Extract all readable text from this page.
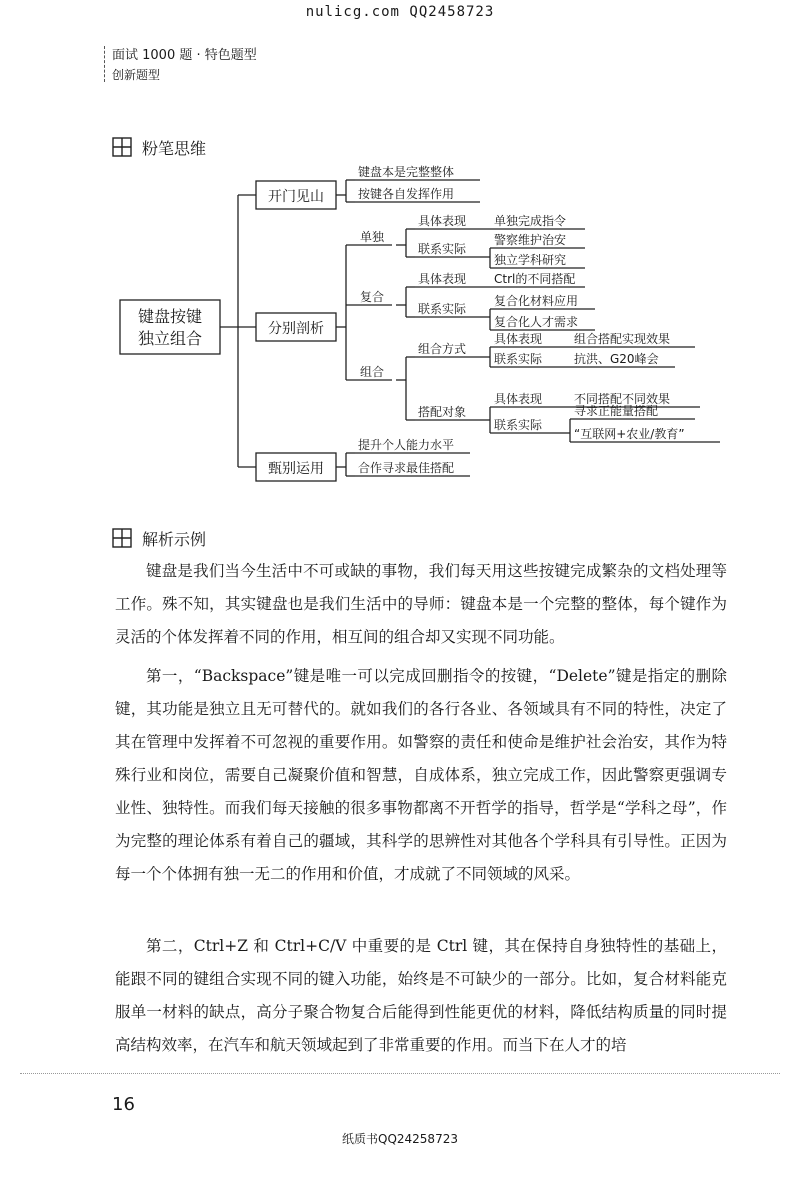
nulicg.com QQ2458723
面试 1000 题 · 特色题型
创新题型
粉笔思维
键盘按键
独立组合
开门见山
分别剖析
甄别运用
键盘本是完整整体
按键各自发挥作用
单独
复合
组合
具体表现 单独完成指令
联系实际
警察维护治安
独立学科研究
具体表现 Ctrl的不同搭配
联系实际
复合化材料应用
复合化人才需求
组合方式
具体表现	组合搭配实现效果
联系实际	抗洪、G20峰会
搭配对象
具体表现	不同搭配不同效果
联系实际
寻求正能量搭配
“互联网+农业/教育”
提升个人能力水平
合作寻求最佳搭配
解析示例
键盘是我们当今生活中不可或缺的事物，我们每天用这些按键完成繁杂的文档处理等工作。殊不知，其实键盘也是我们生活中的导师：键盘本是一个完整的整体，每个键作为灵活的个体发挥着不同的作用，相互间的组合却又实现不同功能。
第一，“Backspace”键是唯一可以完成回删指令的按键，“Delete”键是指定的删除键，其功能是独立且无可替代的。就如我们的各行各业、各领域具有不同的特性，决定了其在管理中发挥着不可忽视的重要作用。如警察的责任和使命是维护社会治安，其作为特殊行业和岗位，需要自己凝聚价值和智慧，自成体系，独立完成工作，因此警察更强调专业性、独特性。而我们每天接触的很多事物都离不开哲学的指导，哲学是“学科之母”，作为完整的理论体系有着自己的疆域，其科学的思辨性对其他各个学科具有引导性。正因为每一个个体拥有独一无二的作用和价值，才成就了不同领域的风采。
第二，Ctrl+Z 和 Ctrl+C/V 中重要的是 Ctrl 键，其在保持自身独特性的基础上，能跟不同的键组合实现不同的键入功能，始终是不可缺少的一部分。比如，复合材料能克服单一材料的缺点，高分子聚合物复合后能得到性能更优的材料，降低结构质量的同时提高结构效率，在汽车和航天领域起到了非常重要的作用。而当下在人才的培
16
纸质书QQ24258723
